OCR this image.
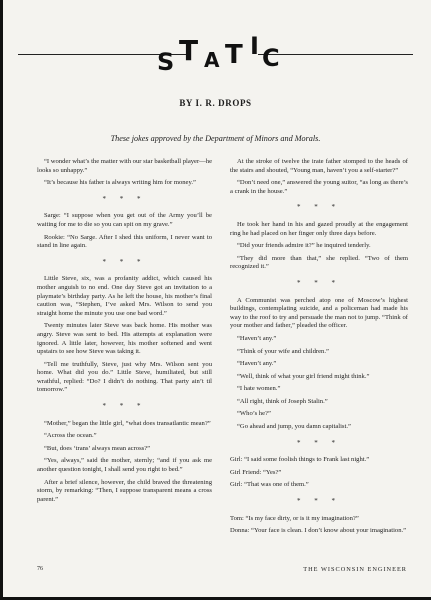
S T A T I C
BY I. R. DROPS
These jokes approved by the Department of Minors and Morals.

“I wonder what’s the matter with our star basketball player—he looks so unhappy.”

“It’s because his father is always writing him for money.”

* * *

Sarge: “I suppose when you get out of the Army you’ll be waiting for me to die so you can spit on my grave.”

Rookie: “No Sarge. After I shed this uniform, I never want to stand in line again.

* * *

Little Steve, six, was a profanity addict, which caused his mother anguish to no end. One day Steve got an invitation to a playmate’s birthday party. As he left the house, his mother’s final caution was, “Stephen, I’ve asked Mrs. Wilson to send you straight home the minute you use one bad word.”

Twenty minutes later Steve was back home. His mother was angry. Steve was sent to bed. His attempts at explanation were ignored. A little later, however, his mother softened and went upstairs to see how Steve was taking it.

“Tell me truthfully, Steve, just why Mrs. Wilson sent you home. What did you do.” Little Steve, humiliated, but still wrathful, replied: “Do? I didn’t do nothing. That party ain’t til tomorrow.”

* * *

“Mother,” began the little girl, “what does transatlantic mean?”

“Across the ocean.”

“But, does ‘trans’ always mean across?”

“Yes, always,” said the mother, sternly; “and if you ask me another question tonight, I shall send you right to bed.”

After a brief silence, however, the child braved the threatening storm, by remarking: “Then, I suppose transparent means a cross parent.”

At the stroke of twelve the irate father stomped to the heads of the stairs and shouted, “Young man, haven’t you a self-starter?”

“Don’t need one,” answered the young suitor, “as long as there’s a crank in the house.”

* * *

He took her hand in his and gazed proudly at the engagement ring he had placed on her finger only three days before.

“Did your friends admire it?” he inquired tenderly.

“They did more than that,” she replied. “Two of them recognized it.”

* * *

A Communist was perched atop one of Moscow’s highest buildings, contemplating suicide, and a policeman had made his way to the roof to try and persuade the man not to jump. “Think of your mother and father,” pleaded the officer.

“Haven’t any.”

“Think of your wife and children.”

“Haven’t any.”

“Well, think of what your girl friend might think.”

“I hate women.”

“All right, think of Joseph Stalin.”

“Who’s he?”

“Go ahead and jump, you damn capitalist.”

* * *

Girl: “I said some foolish things to Frank last night.”

Girl Friend: “Yes?”

Girl: “That was one of them.”

* * *

Tom: “Is my face dirty, or is it my imagination?”

Donna: “Your face is clean. I don’t know about your imagination.”

76	THE WISCONSIN ENGINEER
